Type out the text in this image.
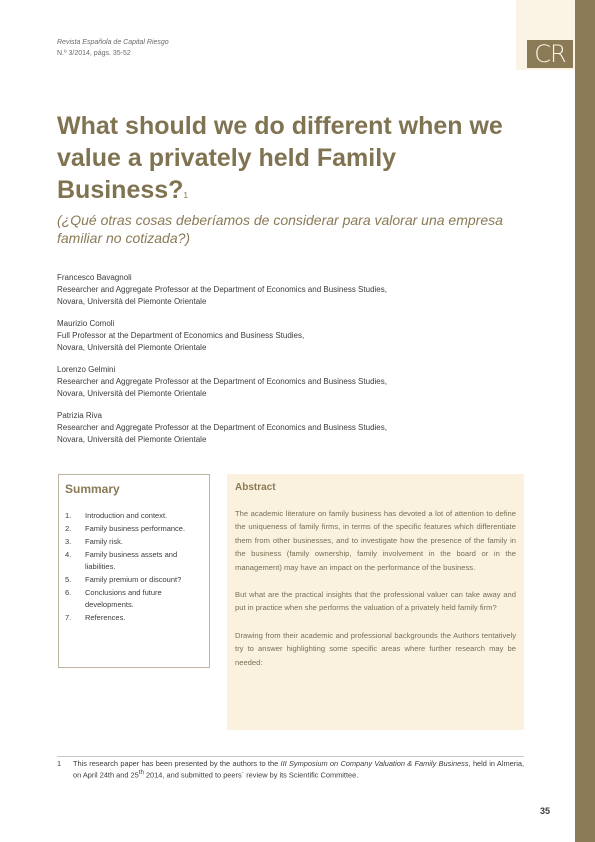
CR
Revista Española de Capital Riesgo
N.º 3/2014, págs. 35-52
What should we do different when we value a privately held Family Business?$^1$
(¿Qué otras cosas deberíamos de considerar para valorar una empresa familiar no cotizada?)
Francesco Bavagnoli
Researcher and Aggregate Professor at the Department of Economics and Business Studies,
Novara, Università del Piemonte Orientale
Maurizio Comoli
Full Professor at the Department of Economics and Business Studies,
Novara, Università del Piemonte Orientale
Lorenzo Gelmini
Researcher and Aggregate Professor at the Department of Economics and Business Studies,
Novara, Università del Piemonte Orientale
Patrizia Riva
Researcher and Aggregate Professor at the Department of Economics and Business Studies,
Novara, Università del Piemonte Orientale
Summary
1.	Introduction and context.
2.	Family business performance.
3.	Family risk.
4.	Family business assets and liabilities.
5.	Family premium or discount?
6.	Conclusions and future developments.
7.	References.
Abstract

The academic literature on family business has devoted a lot of attention to define the uniqueness of family firms, in terms of the specific features which differentiate them from other businesses, and to investigate how the presence of the family in the business (family ownership, family involvement in the board or in the management) may have an impact on the performance of the business.

But what are the practical insights that the professional valuer can take away and put in practice when she performs the valuation of a privately held family firm?

Drawing from their academic and professional backgrounds the Authors tentatively try to answer highlighting some specific areas where further research may be needed:

1	This research paper has been presented by the authors to the III Symposium on Company Valuation & Family Business, held in Almeria, on April 24th and 25th 2014, and submitted to peers´ review by its Scientific Committee.
35
